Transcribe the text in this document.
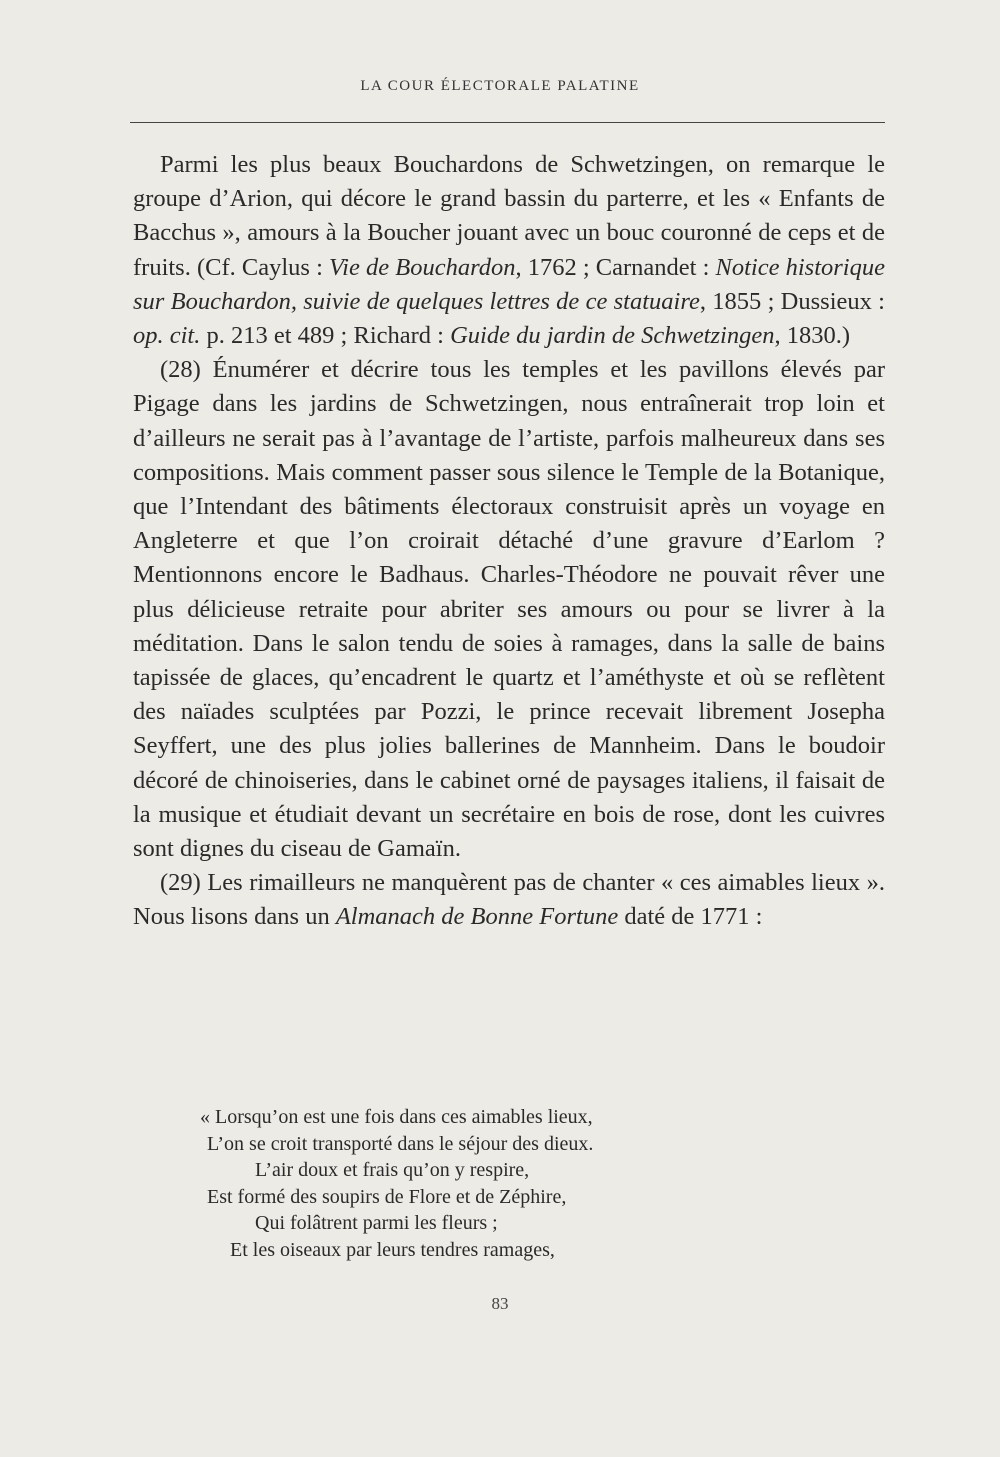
LA COUR ÉLECTORALE PALATINE

Parmi les plus beaux Bouchardons de Schwetzingen, on remarque le groupe d’Arion, qui décore le grand bassin du parterre, et les « Enfants de Bacchus », amours à la Boucher jouant avec un bouc couronné de ceps et de fruits. (Cf. Caylus : Vie de Bouchardon, 1762 ; Carnandet : Notice historique sur Bouchardon, suivie de quelques lettres de ce statuaire, 1855 ; Dussieux : op. cit. p. 213 et 489 ; Richard : Guide du jardin de Schwetzingen, 1830.)

(28) Énumérer et décrire tous les temples et les pavillons élevés par Pigage dans les jardins de Schwetzingen, nous entraînerait trop loin et d’ailleurs ne serait pas à l’avantage de l’artiste, parfois malheureux dans ses compositions. Mais comment passer sous silence le Temple de la Botanique, que l’Intendant des bâtiments électoraux construisit après un voyage en Angleterre et que l’on croirait détaché d’une gravure d’Earlom ? Mentionnons encore le Badhaus. Charles-Théodore ne pouvait rêver une plus délicieuse retraite pour abriter ses amours ou pour se livrer à la méditation. Dans le salon tendu de soies à ramages, dans la salle de bains tapissée de glaces, qu’encadrent le quartz et l’améthyste et où se reflètent des naïades sculptées par Pozzi, le prince recevait librement Josepha Seyffert, une des plus jolies ballerines de Mannheim. Dans le boudoir décoré de chinoiseries, dans le cabinet orné de paysages italiens, il faisait de la musique et étudiait devant un secrétaire en bois de rose, dont les cuivres sont dignes du ciseau de Gamaïn.

(29) Les rimailleurs ne manquèrent pas de chanter « ces aimables lieux ». Nous lisons dans un Almanach de Bonne Fortune daté de 1771 :

« Lorsqu’on est une fois dans ces aimables lieux,
L’on se croit transporté dans le séjour des dieux.
L’air doux et frais qu’on y respire,
Est formé des soupirs de Flore et de Zéphire,
Qui folâtrent parmi les fleurs ;
Et les oiseaux par leurs tendres ramages,
83
